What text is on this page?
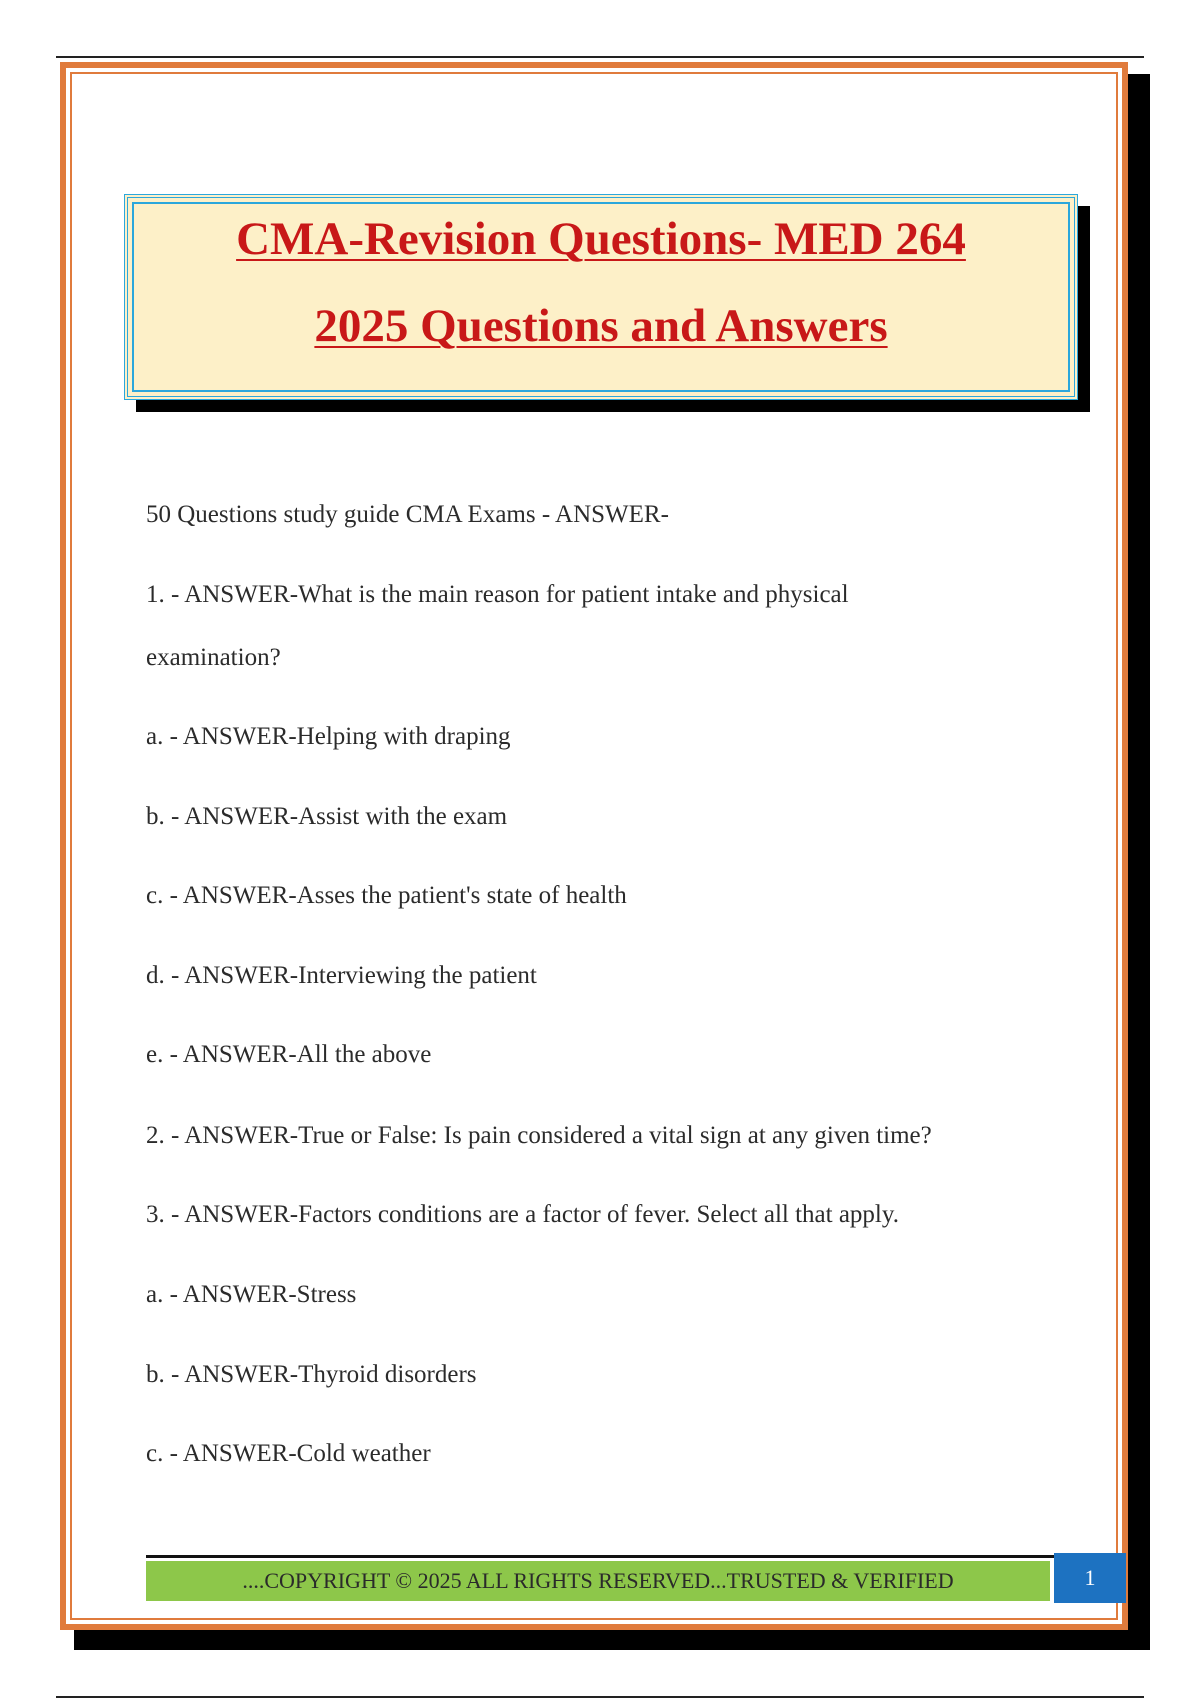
CMA-Revision Questions- MED 264
2025 Questions and Answers
50 Questions study guide CMA Exams - ANSWER-
1. - ANSWER-What is the main reason for patient intake and physical
examination?
a. - ANSWER-Helping with draping
b. - ANSWER-Assist with the exam
c. - ANSWER-Asses the patient's state of health
d. - ANSWER-Interviewing the patient
e. - ANSWER-All the above
2. - ANSWER-True or False: Is pain considered a vital sign at any given time?
3. - ANSWER-Factors conditions are a factor of fever. Select all that apply.
a. - ANSWER-Stress
b. - ANSWER-Thyroid disorders
c. - ANSWER-Cold weather
....COPYRIGHT © 2025 ALL RIGHTS RESERVED...TRUSTED & VERIFIED	1
